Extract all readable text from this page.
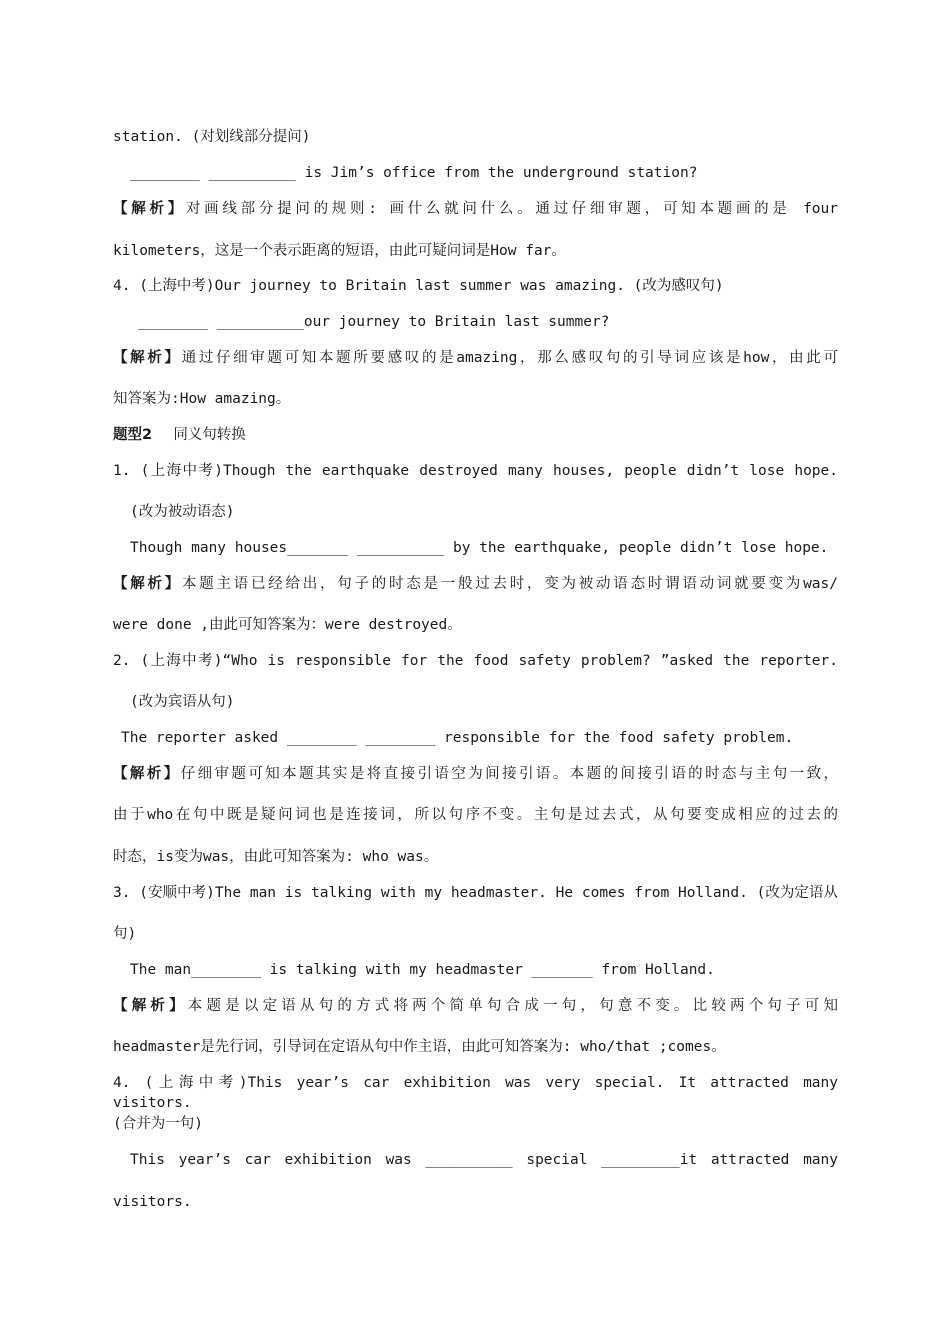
station. (对划线部分提问)
________ __________ is Jim’s office from the underground station?
【解析】对画线部分提问的规则: 画什么就问什么。通过仔细审题，可知本题画的是 four
kilometers，这是一个表示距离的短语，由此可疑问词是How far。
4. (上海中考)Our journey to Britain last summer was amazing. (改为感叹句)
________ __________our journey to Britain last summer?
【解析】通过仔细审题可知本题所要感叹的是amazing，那么感叹句的引导词应该是how，由此可
知答案为:How amazing。
题型2 同义句转换
1. (上海中考)Though the earthquake destroyed many houses, people didn’t lose hope.
(改为被动语态)
Though many houses_______ __________ by the earthquake, people didn’t lose hope.
【解析】本题主语已经给出，句子的时态是一般过去时，变为被动语态时谓语动词就要变为was/
were done ,由此可知答案为：were destroyed。
2. (上海中考)“Who is responsible for the food safety problem? ”asked the reporter.
(改为宾语从句)
The reporter asked ________ ________ responsible for the food safety problem.
【解析】仔细审题可知本题其实是将直接引语空为间接引语。本题的间接引语的时态与主句一致，
由于who在句中既是疑问词也是连接词，所以句序不变。主句是过去式，从句要变成相应的过去的
时态，is变为was，由此可知答案为: who was。
3. (安顺中考)The man is talking with my headmaster. He comes from Holland. (改为定语从
句)
The man________ is talking with my headmaster _______ from Holland.
【解析】本题是以定语从句的方式将两个简单句合成一句，句意不变。比较两个句子可知
headmaster是先行词，引导词在定语从句中作主语，由此可知答案为: who/that ;comes。
4. (上海中考)This year’s car exhibition was very special. It attracted many visitors.
(合并为一句)
This year’s car exhibition was __________ special _________it attracted many
visitors.
